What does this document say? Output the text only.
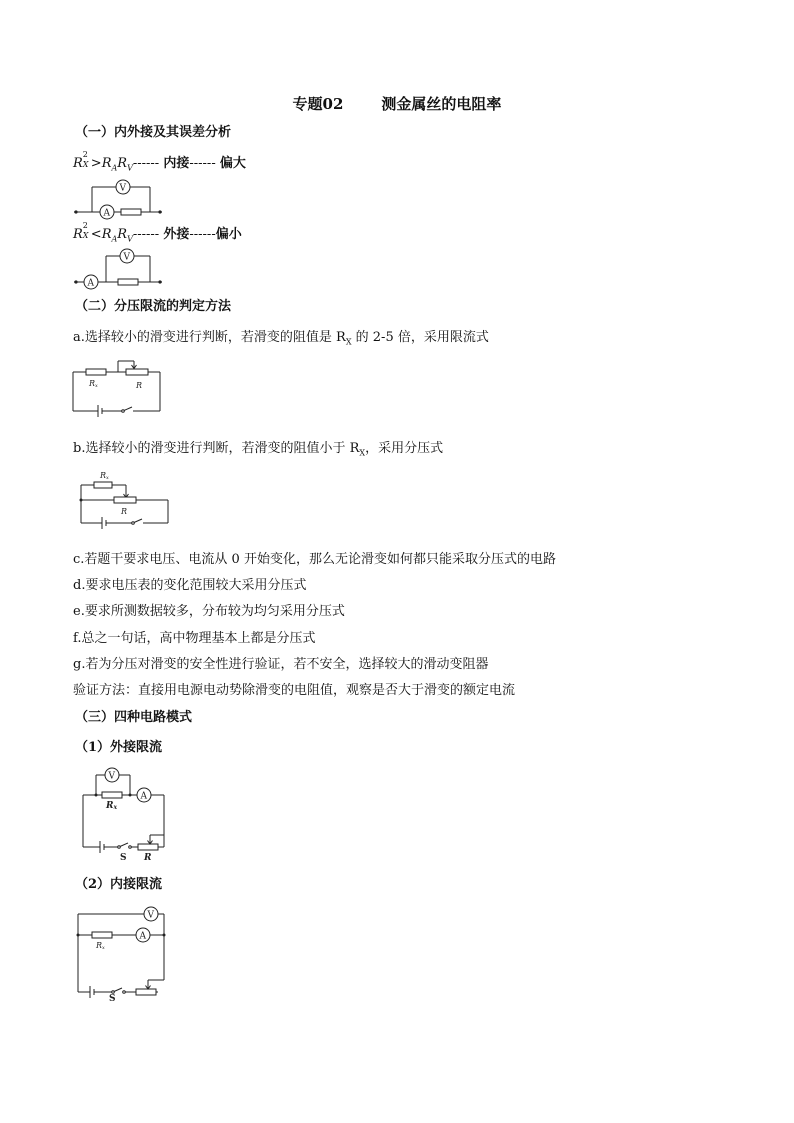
专题02	测金属丝的电阻率
（一）内外接及其误差分析
R
2
$X >R_AR_V------$ 内接------ 偏大
V
A
R
2
$X <R_AR_V------$ 外接------偏小
V
A
（二）分压限流的判定方法
a.选择较小的滑变进行判断，若滑变的阻值是 $R_X$ 的 2-5 倍，采用限流式
Rx	R
b.选择较小的滑变进行判断，若滑变的阻值小于 $R_X$，采用分压式
Rx
R
c.若题干要求电压、电流从 0 开始变化，那么无论滑变如何都只能采取分压式的电路
d.要求电压表的变化范围较大采用分压式
e.要求所测数据较多，分布较为均匀采用分压式
f.总之一句话，高中物理基本上都是分压式
g.若为分压对滑变的安全性进行验证，若不安全，选择较大的滑动变阻器
验证方法：直接用电源电动势除滑变的电阻值，观察是否大于滑变的额定电流
（三）四种电路模式
（1）外接限流
Rx
A
V
S R
（2）内接限流
V
Rx
A
S
